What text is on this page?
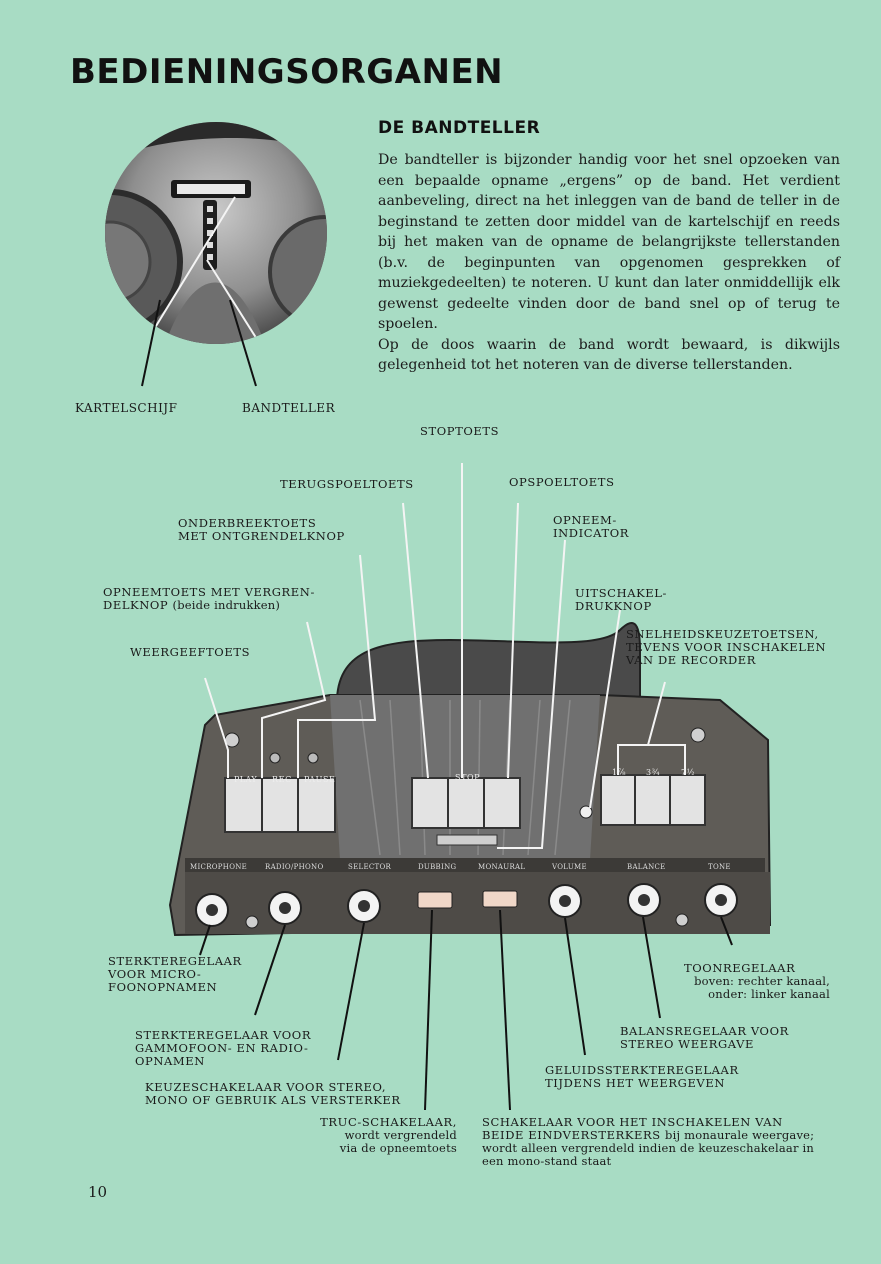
BEDIENINGSORGANEN
PLAY REC PAUSE	STOP
1⅞ 3¾	7½
MICROPHONE	RADIO/PHONO	SELECTOR	DUBBING	MONAURAL	VOLUME	BALANCE	TONE
DE BANDTELLER

De bandteller is bijzonder handig voor het snel opzoeken van een bepaalde opname „ergens” op de band. Het verdient aanbeveling, direct na het inleggen van de band de teller in de beginstand te zetten door middel van de kartelschijf en reeds bij het maken van de opname de belangrijkste tellerstanden (b.v. de beginpunten van opgenomen gesprekken of muziekgedeelten) te noteren. U kunt dan later onmiddellijk elk gewenst gedeelte vinden door de band snel op of terug te spoelen.

Op de doos waarin de band wordt bewaard, is dikwijls gelegenheid tot het noteren van de diverse tellerstanden.

KARTELSCHIJF	BANDTELLER
STOPTOETS
TERUGSPOELTOETS	OPSPOELTOETS
ONDERBREEKTOETS
MET ONTGRENDELKNOP
OPNEEM-
INDICATOR
OPNEEMTOETS MET VERGREN-
DELKNOP (beide indrukken)
UITSCHAKEL-
DRUKKNOP
WEERGEEFTOETS
SNELHEIDSKEUZETOETSEN,
TEVENS VOOR INSCHAKELEN
VAN DE RECORDER
STERKTEREGELAAR
VOOR MICRO-
FOONOPNAMEN
TOONREGELAAR
boven: rechter kanaal,
onder: linker kanaal
STERKTEREGELAAR VOOR
GAMMOFOON- EN RADIO-
OPNAMEN
BALANSREGELAAR VOOR
STEREO WEERGAVE
GELUIDSSTERKTEREGELAAR
TIJDENS HET WEERGEVEN
KEUZESCHAKELAAR VOOR STEREO,
MONO OF GEBRUIK ALS VERSTERKER
TRUC-SCHAKELAAR,
wordt vergrendeld
via de opneemtoets
SCHAKELAAR VOOR HET INSCHAKELEN VAN
BEIDE EINDVERSTERKERS bij monaurale weergave;
wordt alleen vergrendeld indien de keuzeschakelaar in
een mono-stand staat
10
